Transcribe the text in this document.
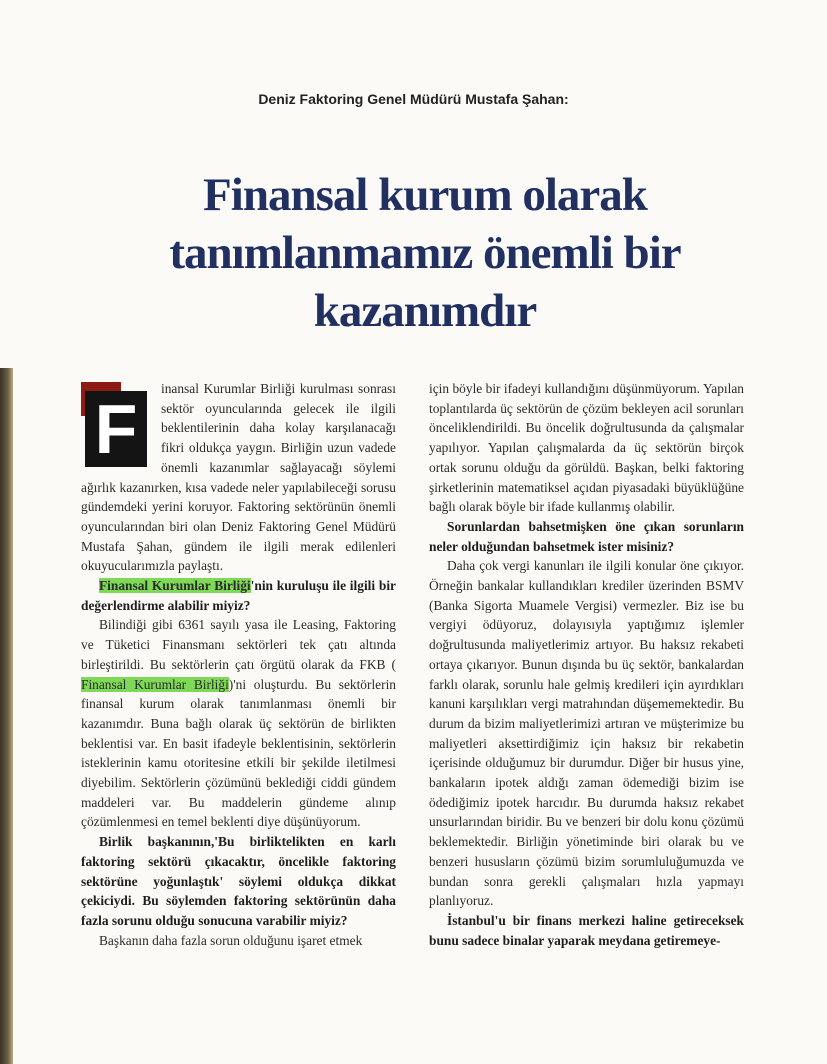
Deniz Faktoring Genel Müdürü Mustafa Şahan:
Finansal kurum olarak tanımlanmamız önemli bir kazanımdır
F

inansal Kurumlar Birliği kurulması sonrası sektör oyuncularında gelecek ile ilgili beklentilerinin daha kolay karşılanacağı fikri oldukça yaygın. Birliğin uzun vadede önemli kazanımlar sağlayacağı söylemi ağırlık kazanırken, kısa vadede neler yapılabileceği sorusu gündemdeki yerini koruyor. Faktoring sektörünün önemli oyuncularından biri olan Deniz Faktoring Genel Müdürü Mustafa Şahan, gündem ile ilgili merak edilenleri okuyucularımızla paylaştı.

Finansal Kurumlar Birliği'nin kuruluşu ile ilgili bir değerlendirme alabilir miyiz?

Bilindiği gibi 6361 sayılı yasa ile Leasing, Faktoring ve Tüketici Finansmanı sektörleri tek çatı altında birleştirildi. Bu sektörlerin çatı örgütü olarak da FKB ( Finansal Kurumlar Birliği)'ni oluşturdu. Bu sektörlerin finansal kurum olarak tanımlanması önemli bir kazanımdır. Buna bağlı olarak üç sektörün de birlikten beklentisi var. En basit ifadeyle beklentisinin, sektörlerin isteklerinin kamu otoritesine etkili bir şekilde iletilmesi diyebilim. Sektörlerin çözümünü beklediği ciddi gündem maddeleri var. Bu maddelerin gündeme alınıp çözümlenmesi en temel beklenti diye düşünüyorum.

Birlik başkanının,'Bu birliktelikten en karlı faktoring sektörü çıkacaktır, öncelikle faktoring sektörüne yoğunlaştık' söylemi oldukça dikkat çekiciydi. Bu söylemden faktoring sektörünün daha fazla sorunu olduğu sonucuna varabilir miyiz?

Başkanın daha fazla sorun olduğunu işaret etmek

için böyle bir ifadeyi kullandığını düşünmüyorum. Yapılan toplantılarda üç sektörün de çözüm bekleyen acil sorunları önceliklendirildi. Bu öncelik doğrultusunda da çalışmalar yapılıyor. Yapılan çalışmalarda da üç sektörün birçok ortak sorunu olduğu da görüldü. Başkan, belki faktoring şirketlerinin matematiksel açıdan piyasadaki büyüklüğüne bağlı olarak böyle bir ifade kullanmış olabilir.

Sorunlardan bahsetmişken öne çıkan sorunların neler olduğundan bahsetmek ister misiniz?

Daha çok vergi kanunları ile ilgili konular öne çıkıyor. Örneğin bankalar kullandıkları krediler üzerinden BSMV (Banka Sigorta Muamele Vergisi) vermezler. Biz ise bu vergiyi ödüyoruz, dolayısıyla yaptığımız işlemler doğrultusunda maliyetlerimiz artıyor. Bu haksız rekabeti ortaya çıkarıyor. Bunun dışında bu üç sektör, bankalardan farklı olarak, sorunlu hale gelmiş kredileri için ayırdıkları kanuni karşılıkları vergi matrahından düşememektedir. Bu durum da bizim maliyetlerimizi artıran ve müşterimize bu maliyetleri aksettirdiğimiz için haksız bir rekabetin içerisinde olduğumuz bir durumdur. Diğer bir husus yine, bankaların ipotek aldığı zaman ödemediği bizim ise ödediğimiz ipotek harcıdır. Bu durumda haksız rekabet unsurlarından biridir. Bu ve benzeri bir dolu konu çözümü beklemektedir. Birliğin yönetiminde biri olarak bu ve benzeri hususların çözümü bizim sorumluluğumuzda ve bundan sonra gerekli çalışmaları hızla yapmayı planlıyoruz.

İstanbul'u bir finans merkezi haline getireceksek bunu sadece binalar yaparak meydana getiremeye-
